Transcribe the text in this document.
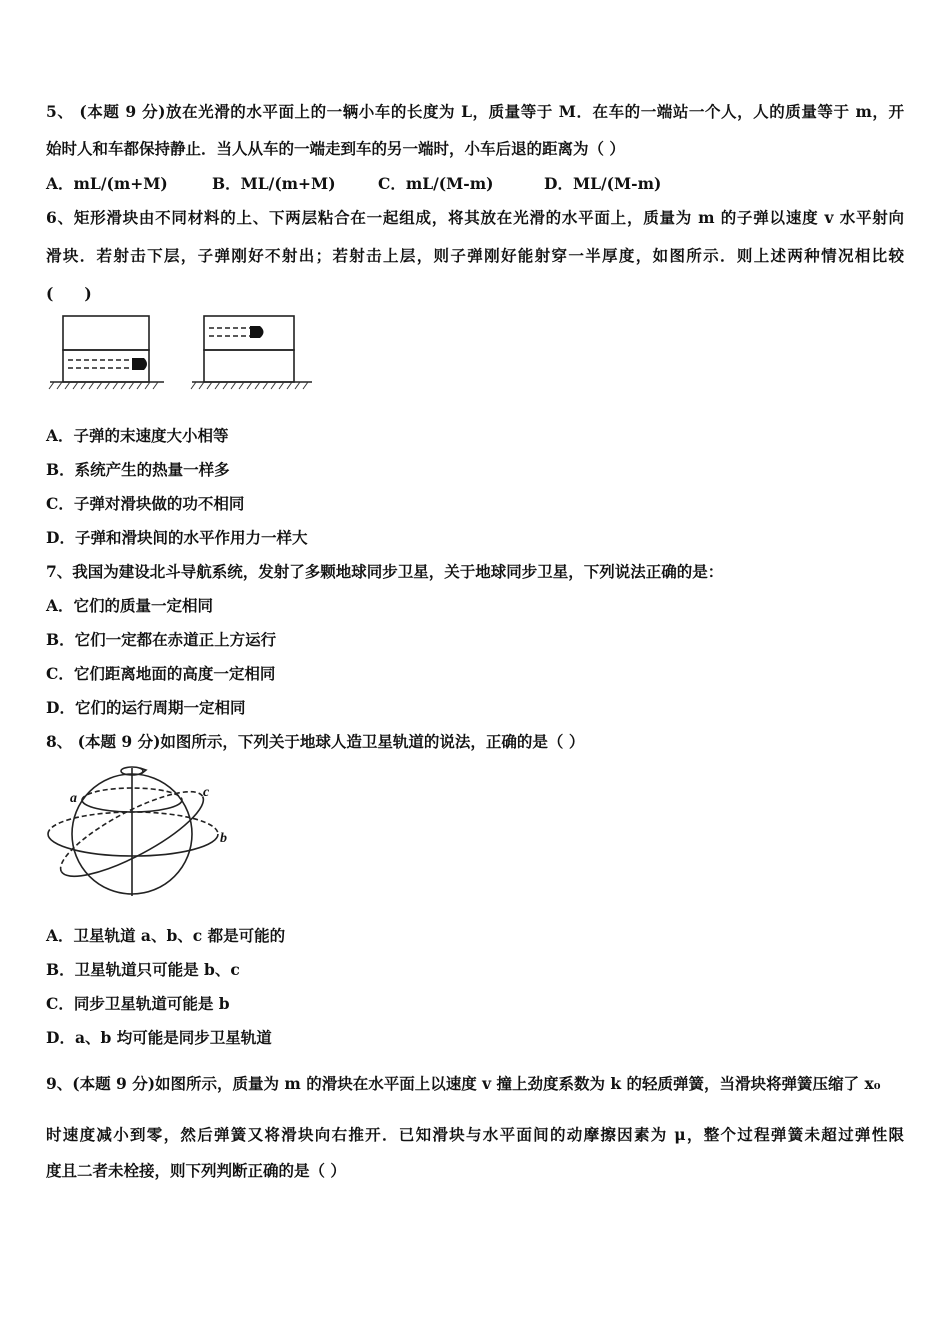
5、 (本题 9 分)放在光滑的水平面上的一辆小车的长度为 L，质量等于 M．在车的一端站一个人，人的质量等于 m，开
始时人和车都保持静止．当人从车的一端走到车的另一端时，小车后退的距离为（ ）
A．mL/(m+M)	B．ML/(m+M)	C．mL/(M-m)	D．ML/(M-m)
6、矩形滑块由不同材料的上、下两层粘合在一起组成，将其放在光滑的水平面上，质量为 m 的子弹以速度 v 水平射向
滑块．若射击下层，子弹刚好不射出；若射击上层，则子弹刚好能射穿一半厚度，如图所示．则上述两种情况相比较
(　　)
A．子弹的末速度大小相等
B．系统产生的热量一样多
C．子弹对滑块做的功不相同
D．子弹和滑块间的水平作用力一样大
7、我国为建设北斗导航系统，发射了多颗地球同步卫星，关于地球同步卫星，下列说法正确的是：
A．它们的质量一定相同
B．它们一定都在赤道正上方运行
C．它们距离地面的高度一定相同
D．它们的运行周期一定相同
8、 (本题 9 分)如图所示，下列关于地球人造卫星轨道的说法，正确的是（ ）
a
b
c
A．卫星轨道 a、b、c 都是可能的
B．卫星轨道只可能是 b、c
C．同步卫星轨道可能是 b
D．a、b 均可能是同步卫星轨道
9、(本题 9 分)如图所示，质量为 m 的滑块在水平面上以速度 v 撞上劲度系数为 k 的轻质弹簧，当滑块将弹簧压缩了 x₀
时速度减小到零，然后弹簧又将滑块向右推开．已知滑块与水平面间的动摩擦因素为 μ，整个过程弹簧未超过弹性限
度且二者未栓接，则下列判断正确的是（ ）
